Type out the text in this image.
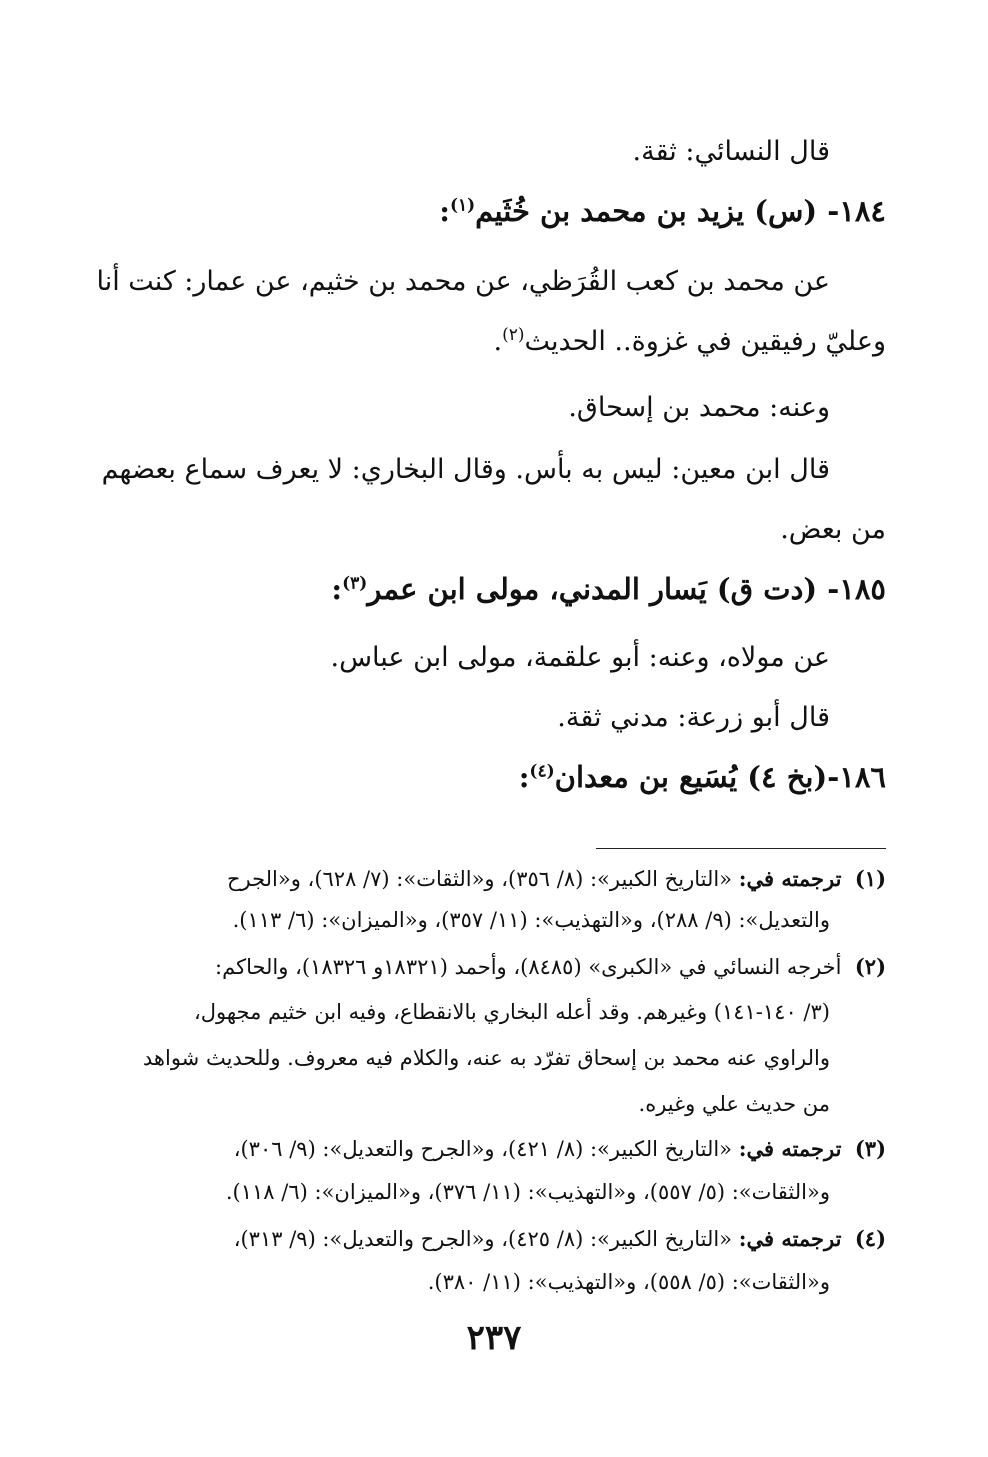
قال النسائي: ثقة.
١٨٤- (س) يزيد بن محمد بن خُثَيم$^{(١)}$:
عن محمد بن كعب القُرَظي، عن محمد بن خثيم، عن عمار: كنت أنا
وعليّ رفيقين في غزوة.. الحديث$^{(٢)}$.
وعنه: محمد بن إسحاق.
قال ابن معين: ليس به بأس. وقال البخاري: لا يعرف سماع بعضهم
من بعض.
١٨٥- (دت ق) يَسار المدني، مولى ابن عمر$^{(٣)}$:
عن مولاه، وعنه: أبو علقمة، مولى ابن عباس.
قال أبو زرعة: مدني ثقة.
١٨٦-(بخ ٤) يُسَيع بن معدان$^{(٤)}$:
(١)  ترجمته في: «التاريخ الكبير»: (٨/ ٣٥٦)، و«الثقات»: (٧/ ٦٢٨)، و«الجرح
والتعديل»: (٩/ ٢٨٨)، و«التهذيب»: (١١/ ٣٥٧)، و«الميزان»: (٦/ ١١٣).
(٢)  أخرجه النسائي في «الكبرى» (٨٤٨٥)، وأحمد (١٨٣٢١و ١٨٣٢٦)، والحاكم:
(٣/ ١٤٠-١٤١) وغيرهم. وقد أعله البخاري بالانقطاع، وفيه ابن خثيم مجهول،
والراوي عنه محمد بن إسحاق تفرّد به عنه، والكلام فيه معروف. وللحديث شواهد
من حديث علي وغيره.
(٣)  ترجمته في: «التاريخ الكبير»: (٨/ ٤٢١)، و«الجرح والتعديل»: (٩/ ٣٠٦)،
و«الثقات»: (٥/ ٥٥٧)، و«التهذيب»: (١١/ ٣٧٦)، و«الميزان»: (٦/ ١١٨).
(٤)  ترجمته في: «التاريخ الكبير»: (٨/ ٤٢٥)، و«الجرح والتعديل»: (٩/ ٣١٣)،
و«الثقات»: (٥/ ٥٥٨)، و«التهذيب»: (١١/ ٣٨٠).
٢٣٧
